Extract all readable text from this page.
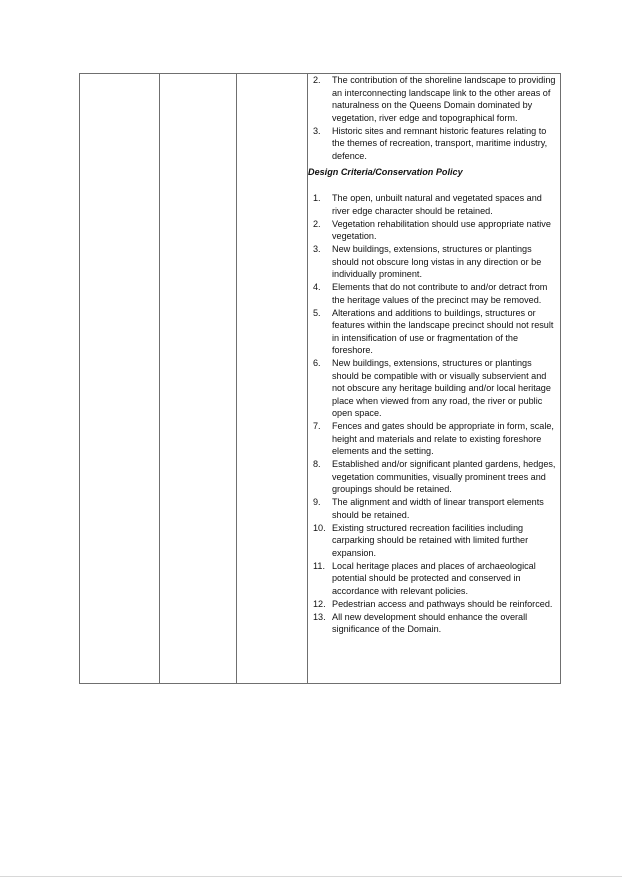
2.	The contribution of the shoreline landscape to providing an interconnecting landscape link to the other areas of naturalness on the Queens Domain dominated by vegetation, river edge and topographical form.
3.	Historic sites and remnant historic features relating to the themes of recreation, transport, maritime industry, defence.
Design Criteria/Conservation Policy
1.	The open, unbuilt natural and vegetated spaces and river edge character should be retained.
2.	Vegetation rehabilitation should use appropriate native vegetation.
3.	New buildings, extensions, structures or plantings should not obscure long vistas in any direction or be individually prominent.
4.	Elements that do not contribute to and/or detract from the heritage values of the precinct may be removed.
5.	Alterations and additions to buildings, structures or features within the landscape precinct should not result in intensification of use or fragmentation of the foreshore.
6.	New buildings, extensions, structures or plantings should be compatible with or visually subservient and not obscure any heritage building and/or local heritage place when viewed from any road, the river or public open space.
7.	Fences and gates should be appropriate in form, scale, height and materials and relate to existing foreshore elements and the setting.
8.	Established and/or significant planted gardens, hedges, vegetation communities, visually prominent trees and groupings should be retained.
9.	The alignment and width of linear transport elements should be retained.
10. Existing structured recreation facilities including carparking should be retained with limited further expansion.
11. Local heritage places and places of archaeological potential should be protected and conserved in accordance with relevant policies.
12. Pedestrian access and pathways should be reinforced.
13. All new development should enhance the overall significance of the Domain.
